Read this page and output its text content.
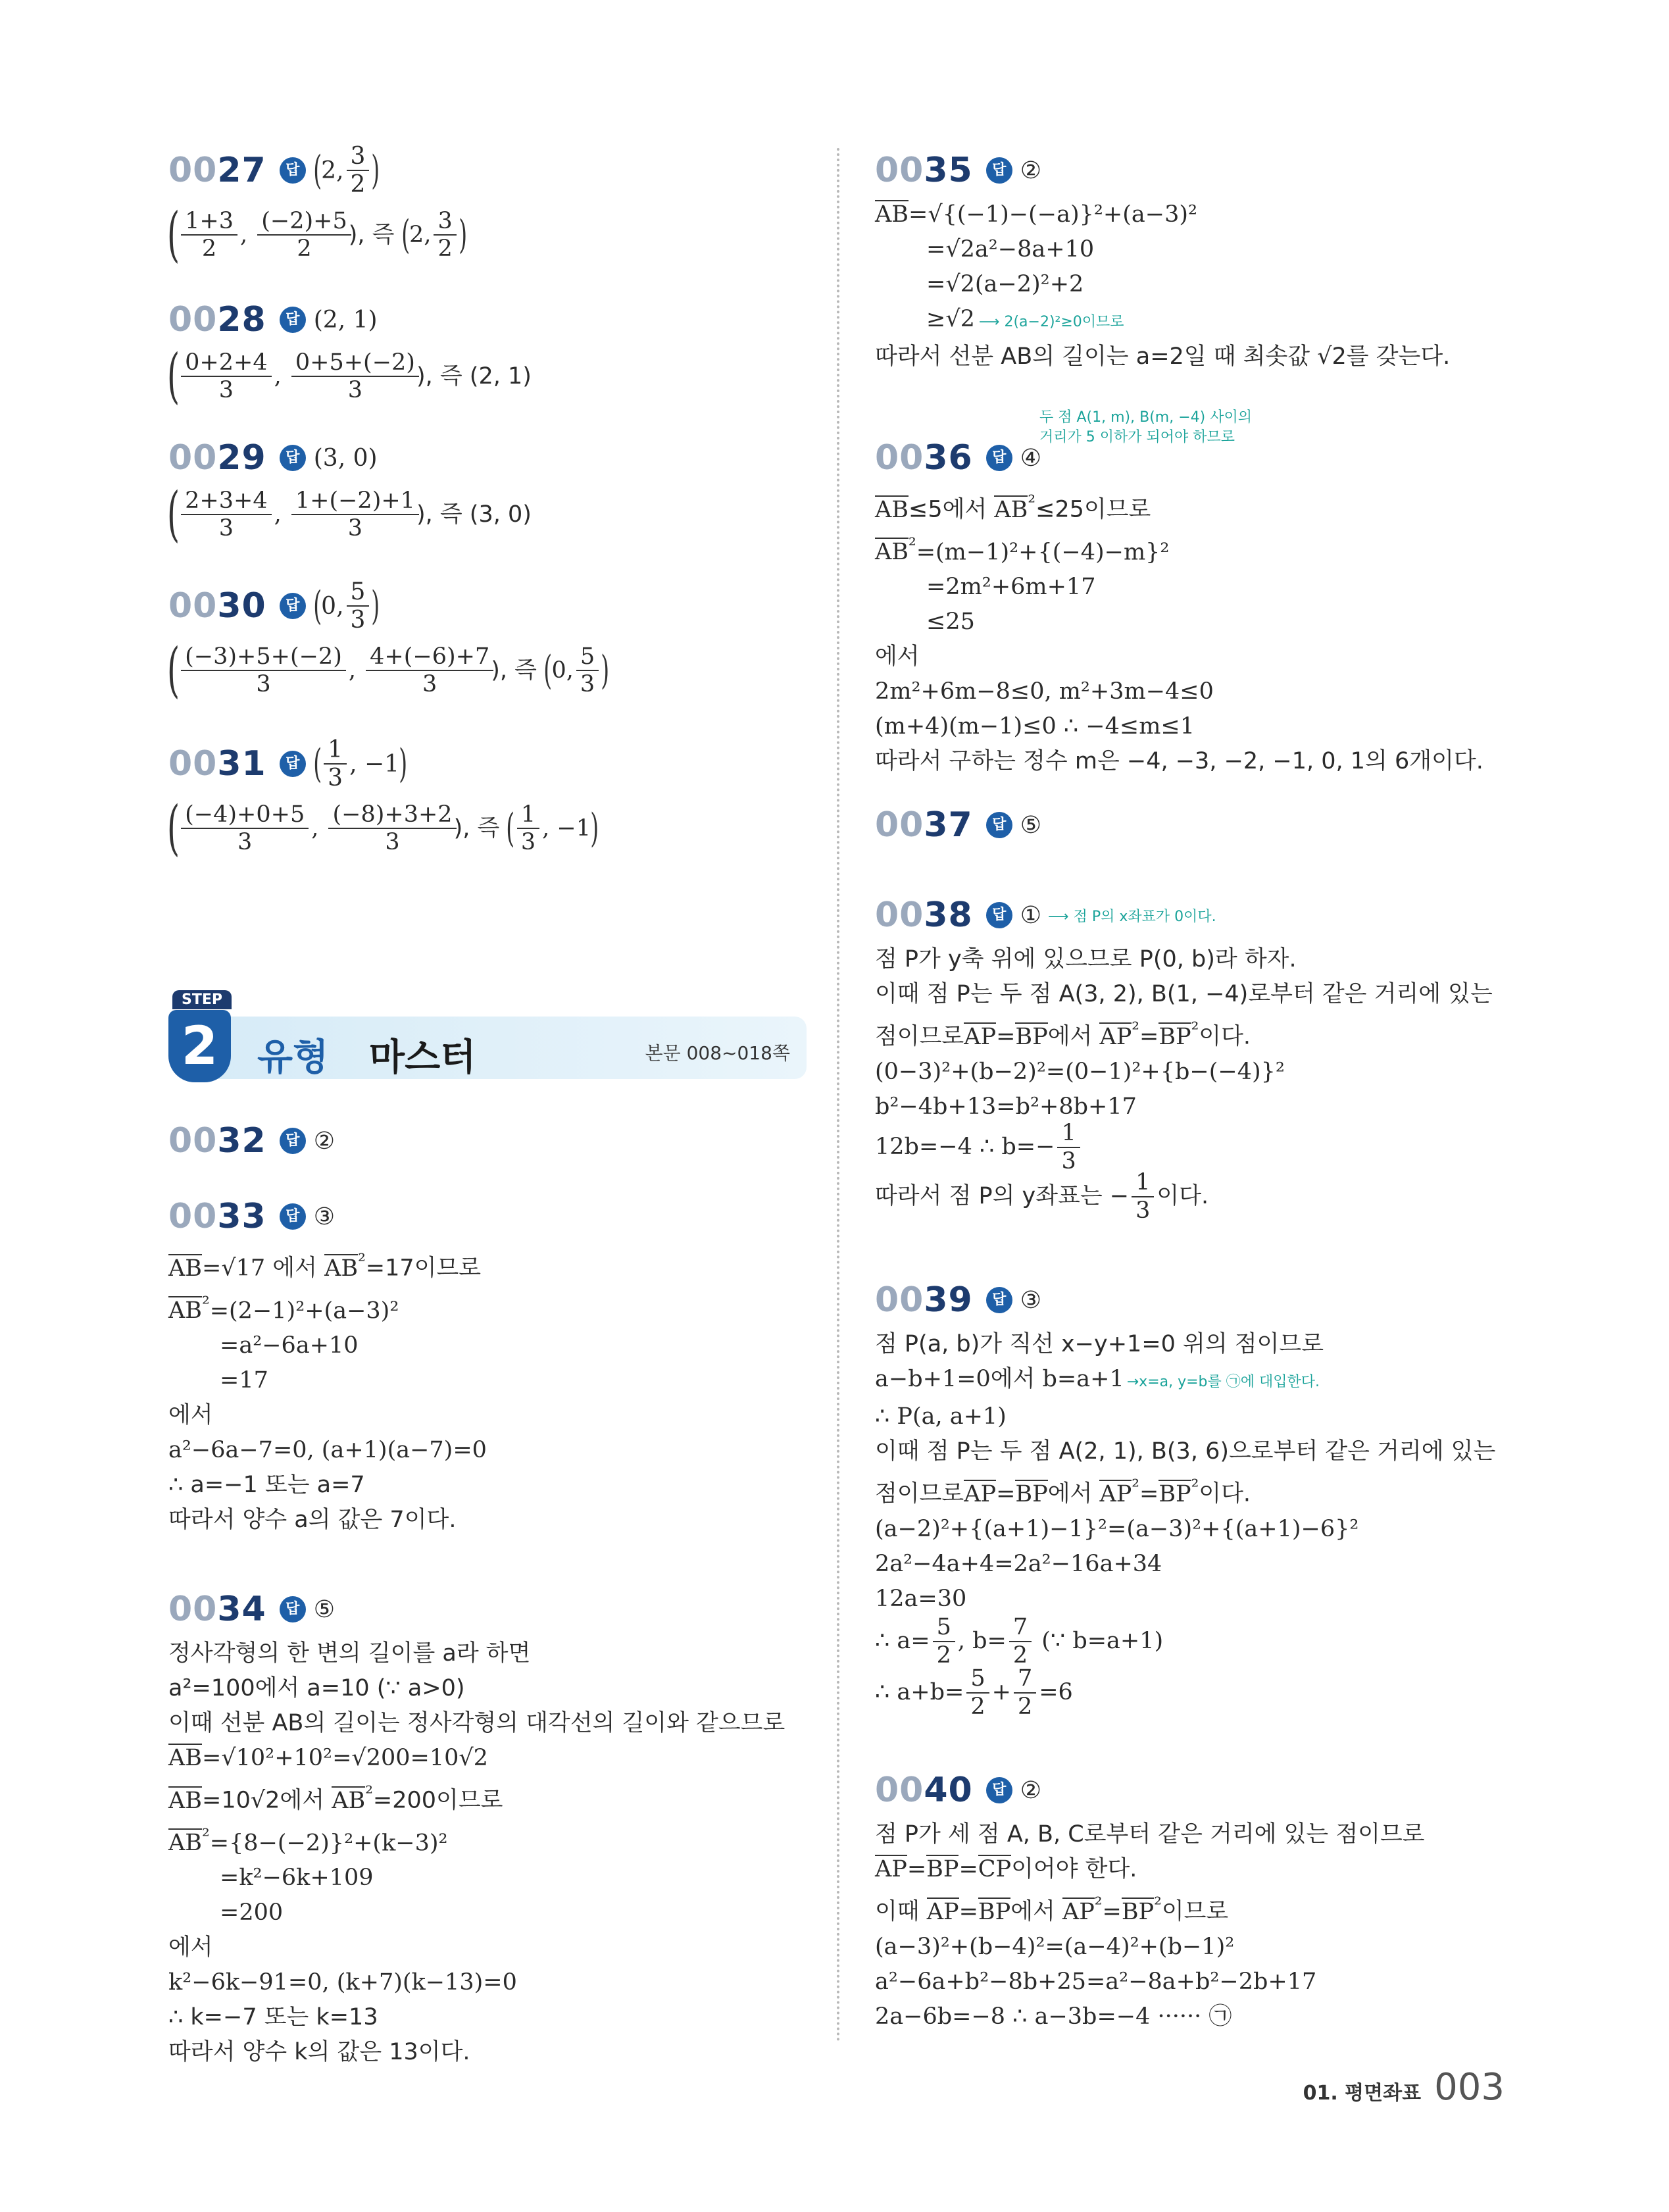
0027	답 ( 2, $\frac{3}{2}$ )
( $\frac{1+3}{2}$ , $\frac{(-2)+5}{2}$
), 즉
( 2, $\frac{3}{2}$ )
0028	답 (2, 1)
( $\frac{0+2+4}{3}$ , $\frac{0+5+(-2)}{3}$
), 즉 (2, 1)
0029	답 (3, 0)
( $\frac{2+3+4}{3}$ , $\frac{1+(-2)+1}{3}$
), 즉 (3, 0)
0030	답 ( 0, $\frac{5}{3}$ )
( $\frac{(-3)+5+(-2)}{3}$ , $\frac{4+(-6)+7}{3}$
), 즉
( 0, $\frac{5}{3}$ )
0031	답 ( $\frac{1}{3}$ , −1 )
( $\frac{(-4)+0+5}{3}$ , $\frac{(-8)+3+2}{3}$
), 즉
( $\frac{1}{3}$ , −1 )
0032	답 ②
0033	답 ③
AB=√17 에서 $AB^{^2}=17$이므로
$AB^{^2}=(2-1)^2+(a-3)^2$
=a²−6a+10
=17
에서
a²−6a−7=0, (a+1)(a−7)=0
∴ a=−1 또는 a=7
따라서 양수 a의 값은 7이다.
0034	답 ⑤
정사각형의 한 변의 길이를 a라 하면
a²=100에서 a=10 (∵ a>0)
이때 선분 AB의 길이는 정사각형의 대각선의 길이와 같으므로
AB=√10²+10²=√200=10√2
AB=10√2에서 $AB^{^2}=200$이므로
$AB^{^2}=\{8-(-2)\}^2+(k-3)^2$
=k²−6k+109
=200
에서
k²−6k−91=0, (k+7)(k−13)=0
∴ k=−7 또는 k=13
따라서 양수 k의 값은 13이다.
STEP
2	유형 마스터	본문 008~018쪽
0035	답 ②
AB=√{(−1)−(−a)}²+(a−3)²
=√2a²−8a+10
=√2(a−2)²+2
≥√2 ⟶ 2(a−2)²≥0이므로
따라서 선분 AB의 길이는 a=2일 때 최솟값 √2를 갖는다.
두 점 A(1, m), B(m, −4) 사이의
거리가 5 이하가 되어야 하므로
0036	답 ④
AB≤5에서 $AB^{^2}\le 25$이므로
$AB^{^2}=(m-1)^2+\{(-4)-m\}^2$
=2m²+6m+17
≤25
에서
2m²+6m−8≤0, m²+3m−4≤0
(m+4)(m−1)≤0 ∴ −4≤m≤1
따라서 구하는 정수 m은 −4, −3, −2, −1, 0, 1의 6개이다.
0037	답 ⑤
0038	답 ① ⟶ 점 P의 x좌표가 0이다.
점 P가 y축 위에 있으므로 P(0, b)라 하자.
이때 점 P는 두 점 A(3, 2), B(1, −4)로부터 같은 거리에 있는
점이므로AP=BP에서 $AP^{^2}=BP^{^2}$이다.
(0−3)²+(b−2)²=(0−1)²+{b−(−4)}²
b²−4b+13=b²+8b+17
12b=−4 ∴ $b=- \frac{1}{3}$
따라서 점 P의 y좌표는 − $\frac{1}{3}$ 이다.
0039	답 ③
점 P(a, b)가 직선 x−y+1=0 위의 점이므로
a−b+1=0에서 b=a+1 →x=a, y=b를 ㉠에 대입한다.
∴ P(a, a+1)
이때 점 P는 두 점 A(2, 1), B(3, 6)으로부터 같은 거리에 있는
점이므로AP=BP에서 $AP^{^2}=BP^{^2}$이다.
(a−2)²+{(a+1)−1}²=(a−3)²+{(a+1)−6}²
2a²−4a+4=2a²−16a+34
12a=30
∴ $a= \frac{5}{2}$ , $b= \frac{7}{2}$
(∵ b=a+1)
∴ $a+b= \frac{5}{2} + \frac{7}{2} =6$
0040	답 ②
점 P가 세 점 A, B, C로부터 같은 거리에 있는 점이므로
AP=BP=CP이어야 한다.
이때 AP=BP에서 $AP^{^2}=BP^{^2}$이므로
(a−3)²+(b−4)²=(a−4)²+(b−1)²
a²−6a+b²−8b+25=a²−8a+b²−2b+17
2a−6b=−8 ∴ a−3b=−4 ······ ㉠
01. 평면좌표 003
